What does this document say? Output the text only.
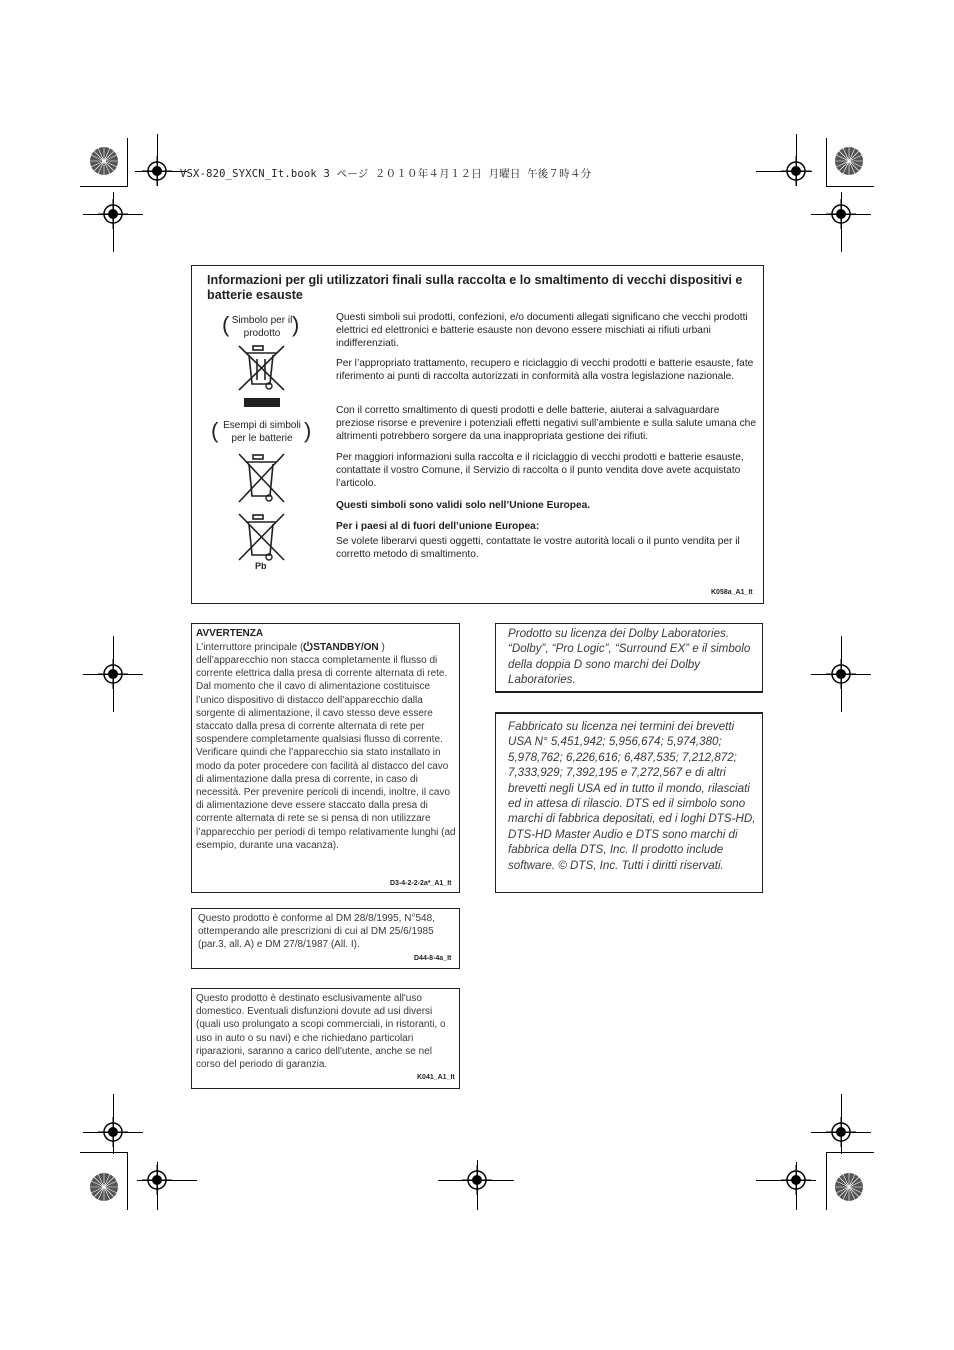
VSX-820_SYXCN_It.book 3 ページ ２０１０年４月１２日 月曜日 午後７時４分
Informazioni per gli utilizzatori finali sulla raccolta e lo smaltimento di vecchi dispositivi e batterie esauste
( Simbolo per il prodotto )
( Esempi di simboli per le batterie )
Pb
Questi simboli sui prodotti, confezioni, e/o documenti allegati significano che vecchi prodotti elettrici ed elettronici e batterie esauste non devono essere mischiati ai rifiuti urbani indifferenziati.
Per l’appropriato trattamento, recupero e riciclaggio di vecchi prodotti e batterie esauste, fate riferimento ai punti di raccolta autorizzati in conformità alla vostra legislazione nazionale.
Con il corretto smaltimento di questi prodotti e delle batterie, aiuterai a salvaguardare preziose risorse e prevenire i potenziali effetti negativi sull’ambiente e sulla salute umana che altrimenti potrebbero sorgere da una inappropriata gestione dei rifiuti.
Per maggiori informazioni sulla raccolta e il riciclaggio di vecchi prodotti e batterie esauste, contattate il vostro Comune, il Servizio di raccolta o il punto vendita dove avete acquistato l’articolo.
Questi simboli sono validi solo nell’Unione Europea.
Per i paesi al di fuori dell’unione Europea:
Se volete liberarvi questi oggetti, contattate le vostre autorità locali o il punto vendita per il corretto metodo di smaltimento.
K058a_A1_It
AVVERTENZA
L’interruttore principale ( STANDBY/ON )
dell’apparecchio non stacca completamente il flusso di corrente elettrica dalla presa di corrente alternata di rete. Dal momento che il cavo di alimentazione costituisce l’unico dispositivo di distacco dell’apparecchio dalla sorgente di alimentazione, il cavo stesso deve essere staccato dalla presa di corrente alternata di rete per sospendere completamente qualsiasi flusso di corrente. Verificare quindi che l’apparecchio sia stato installato in modo da poter procedere con facilità al distacco del cavo di alimentazione dalla presa di corrente, in caso di necessità. Per prevenire pericoli di incendi, inoltre, il cavo di alimentazione deve essere staccato dalla presa di corrente alternata di rete se si pensa di non utilizzare l’apparecchio per periodi di tempo relativamente lunghi (ad esempio, durante una vacanza).
D3-4-2-2-2a*_A1_It
Questo prodotto è conforme al DM 28/8/1995, N°548, ottemperando alle prescrizioni di cui al DM 25/6/1985 (par.3, all. A) e DM 27/8/1987 (All. I).
D44-8-4a_It
Questo prodotto è destinato esclusivamente all'uso domestico. Eventuali disfunzioni dovute ad usi diversi (quali uso prolungato a scopi commerciali, in ristoranti, o uso in auto o su navi) e che richiedano particolari riparazioni, saranno a carico dell'utente, anche se nel corso del periodo di garanzia.
K041_A1_It
Prodotto su licenza dei Dolby Laboratories. “Dolby”, “Pro Logic”, “Surround EX” e il simbolo della doppia D sono marchi dei Dolby Laboratories.
Fabbricato su licenza nei termini dei brevetti USA N° 5,451,942; 5,956,674; 5,974,380; 5,978,762; 6,226,616; 6,487,535; 7,212,872; 7,333,929; 7,392,195 e 7,272,567 e di altri brevetti negli USA ed in tutto il mondo, rilasciati ed in attesa di rilascio. DTS ed il simbolo sono marchi di fabbrica depositati, ed i loghi DTS-HD, DTS-HD Master Audio e DTS sono marchi di fabbrica della DTS, Inc. Il prodotto include software. © DTS, Inc. Tutti i diritti riservati.
